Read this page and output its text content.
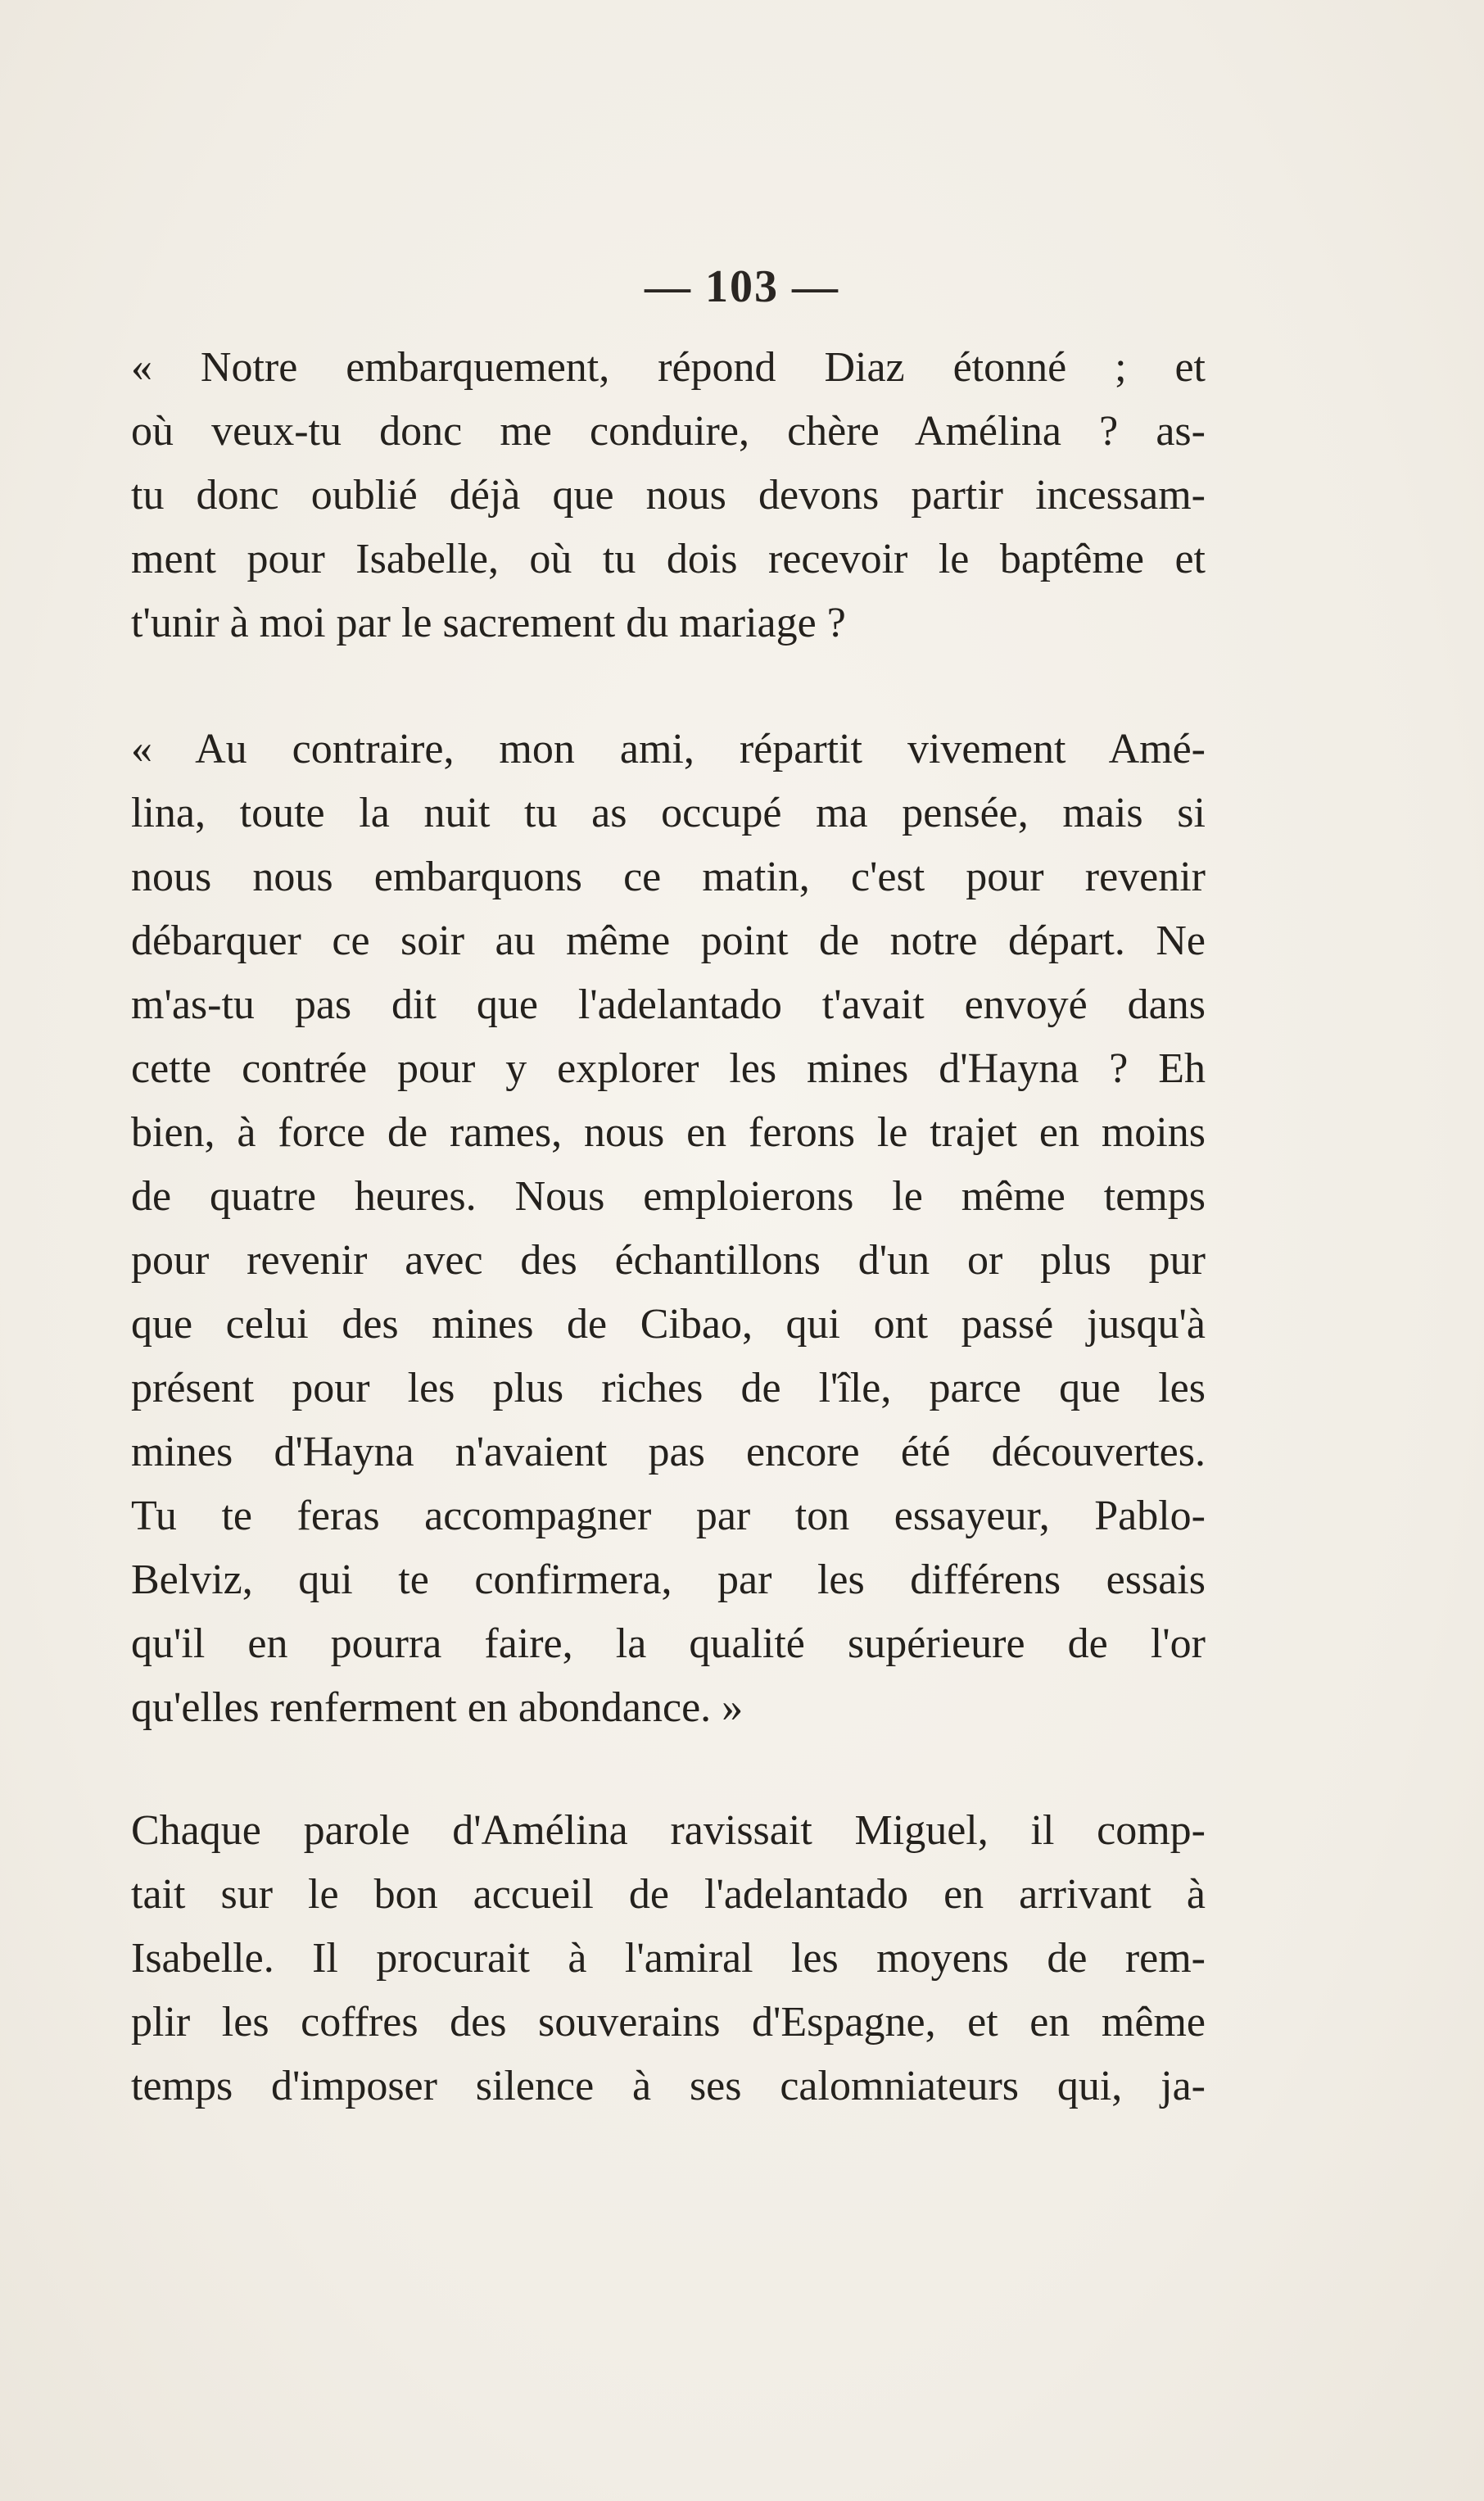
— 103 —
« Notre embarquement, répond Diaz étonné ; et
où veux-tu donc me conduire, chère Amélina ? as-
tu donc oublié déjà que nous devons partir incessam-
ment pour Isabelle, où tu dois recevoir le baptême et
t'unir à moi par le sacrement du mariage ?
« Au contraire, mon ami, répartit vivement Amé-
lina, toute la nuit tu as occupé ma pensée, mais si
nous nous embarquons ce matin, c'est pour revenir
débarquer ce soir au même point de notre départ. Ne
m'as-tu pas dit que l'adelantado t'avait envoyé dans
cette contrée pour y explorer les mines d'Hayna ? Eh
bien, à force de rames, nous en ferons le trajet en moins
de quatre heures. Nous emploierons le même temps
pour revenir avec des échantillons d'un or plus pur
que celui des mines de Cibao, qui ont passé jusqu'à
présent pour les plus riches de l'île, parce que les
mines d'Hayna n'avaient pas encore été découvertes.
Tu te feras accompagner par ton essayeur, Pablo-
Belviz, qui te confirmera, par les différens essais
qu'il en pourra faire, la qualité supérieure de l'or
qu'elles renferment en abondance. »
Chaque parole d'Amélina ravissait Miguel, il comp-
tait sur le bon accueil de l'adelantado en arrivant à
Isabelle. Il procurait à l'amiral les moyens de rem-
plir les coffres des souverains d'Espagne, et en même
temps d'imposer silence à ses calomniateurs qui, ja-
